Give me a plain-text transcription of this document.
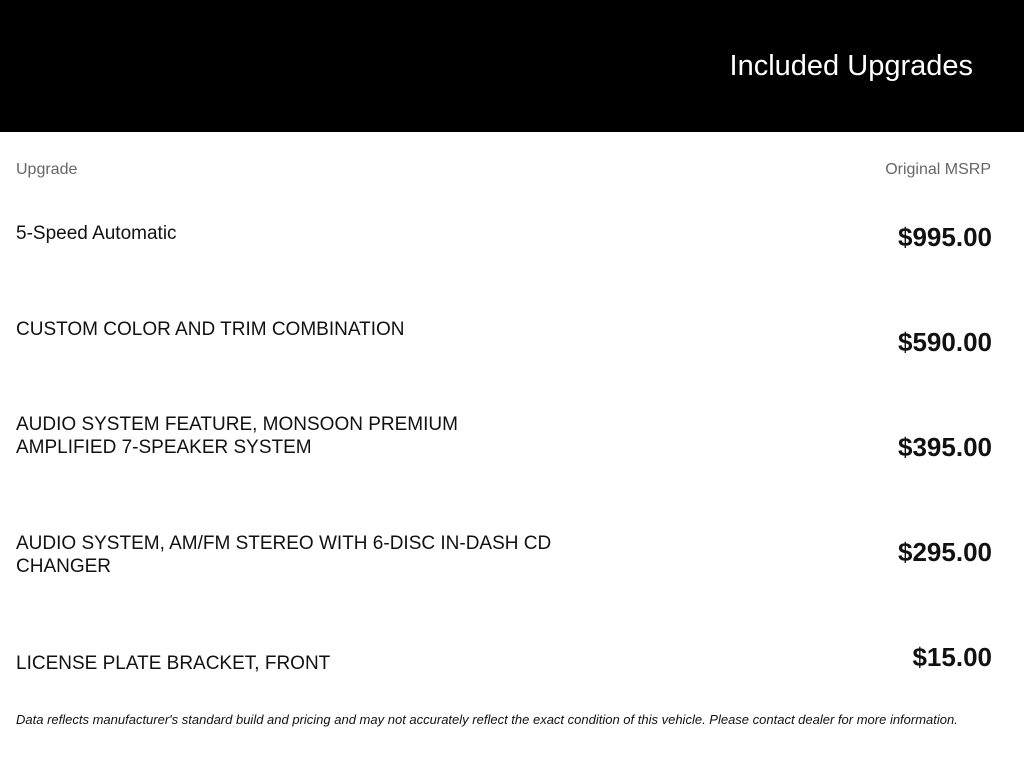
Included Upgrades
Upgrade	Original MSRP
5-Speed Automatic	$995.00
CUSTOM COLOR AND TRIM COMBINATION	$590.00
AUDIO SYSTEM FEATURE, MONSOON PREMIUM AMPLIFIED 7-SPEAKER SYSTEM	$395.00
AUDIO SYSTEM, AM/FM STEREO WITH 6-DISC IN-DASH CD CHANGER	$295.00
LICENSE PLATE BRACKET, FRONT	$15.00
Data reflects manufacturer's standard build and pricing and may not accurately reflect the exact condition of this vehicle. Please contact dealer for more information.
